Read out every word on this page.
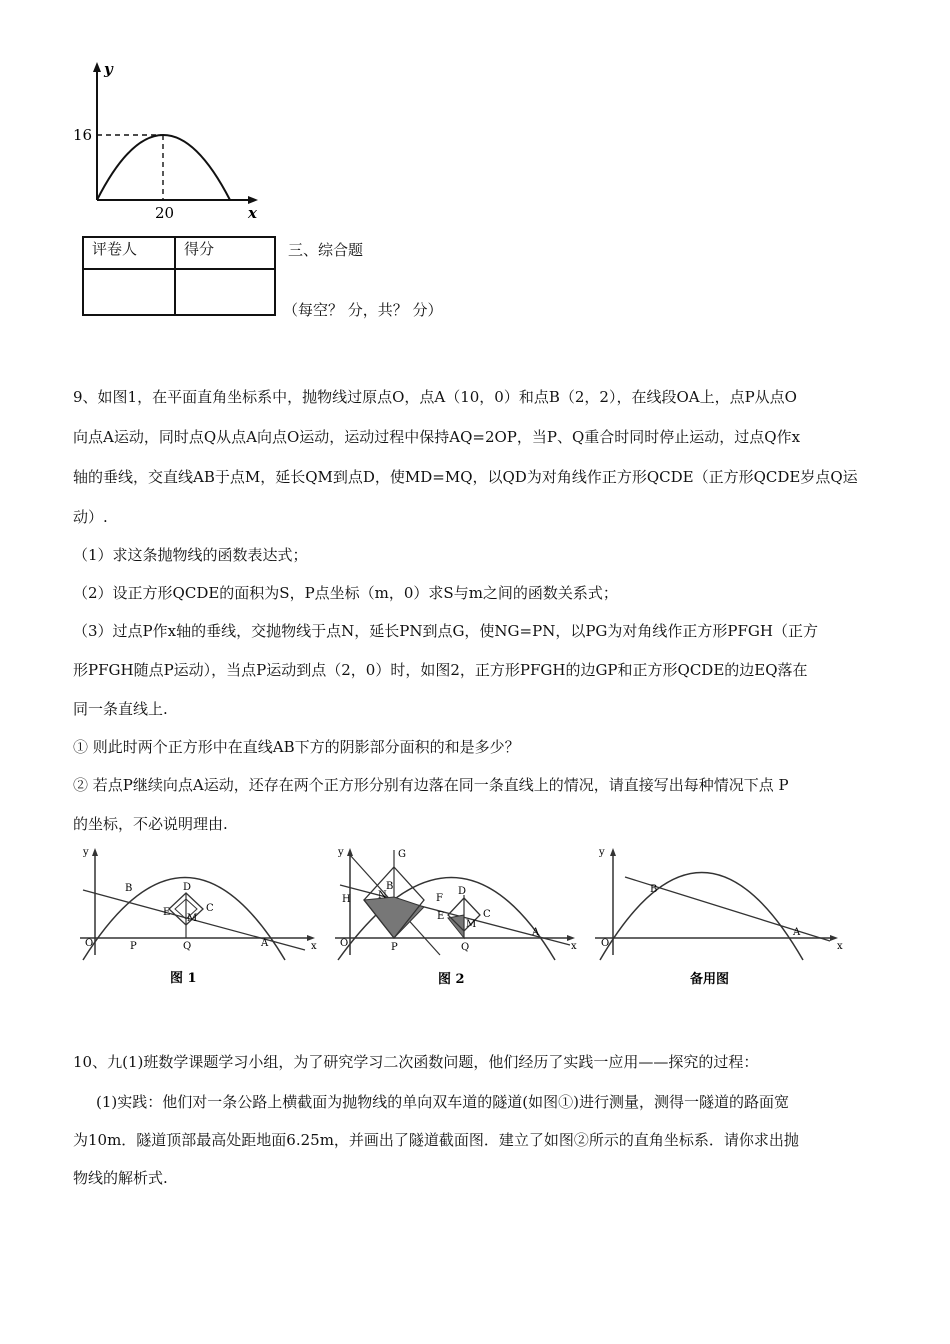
y
x
16
20
评卷人	得分
		三、综合题
（每空？ 分，共？ 分）
9、如图1，在平面直角坐标系中，抛物线过原点O，点A（10，0）和点B（2，2），在线段OA上，点P从点O
向点A运动，同时点Q从点A向点O运动，运动过程中保持AQ=2OP，当P、Q重合时同时停止运动，过点Q作x
轴的垂线，交直线AB于点M，延长QM到点D，使MD=MQ，以QD为对角线作正方形QCDE（正方形QCDE岁点Q运
动）.
（1）求这条抛物线的函数表达式；
（2）设正方形QCDE的面积为S，P点坐标（m，0）求S与m之间的函数关系式；
（3）过点P作x轴的垂线，交抛物线于点N，延长PN到点G，使NG=PN，以PG为对角线作正方形PFGH（正方
形PFGH随点P运动），当点P运动到点（2，0）时，如图2，正方形PFGH的边GP和正方形QCDE的边EQ落在
同一条直线上.
① 则此时两个正方形中在直线AB下方的阴影部分面积的和是多少？
② 若点P继续向点A运动，还存在两个正方形分别有边落在同一条直线上的情况，请直接写出每种情况下点 P
的坐标，不必说明理由.
y
B	D
E	C
M
O	P	Q	A	x
图 1
y	G
B
N
H	F
D
E	C
M
O	P	Q
A
x
图 2
y
B
O
A
x
备用图
10、九(1)班数学课题学习小组，为了研究学习二次函数问题，他们经历了实践一应用——探究的过程：
(1)实践：他们对一条公路上横截面为抛物线的单向双车道的隧道(如图①)进行测量，测得一隧道的路面宽
为10m．隧道顶部最高处距地面6.25m，并画出了隧道截面图．建立了如图②所示的直角坐标系．请你求出抛
物线的解析式.
